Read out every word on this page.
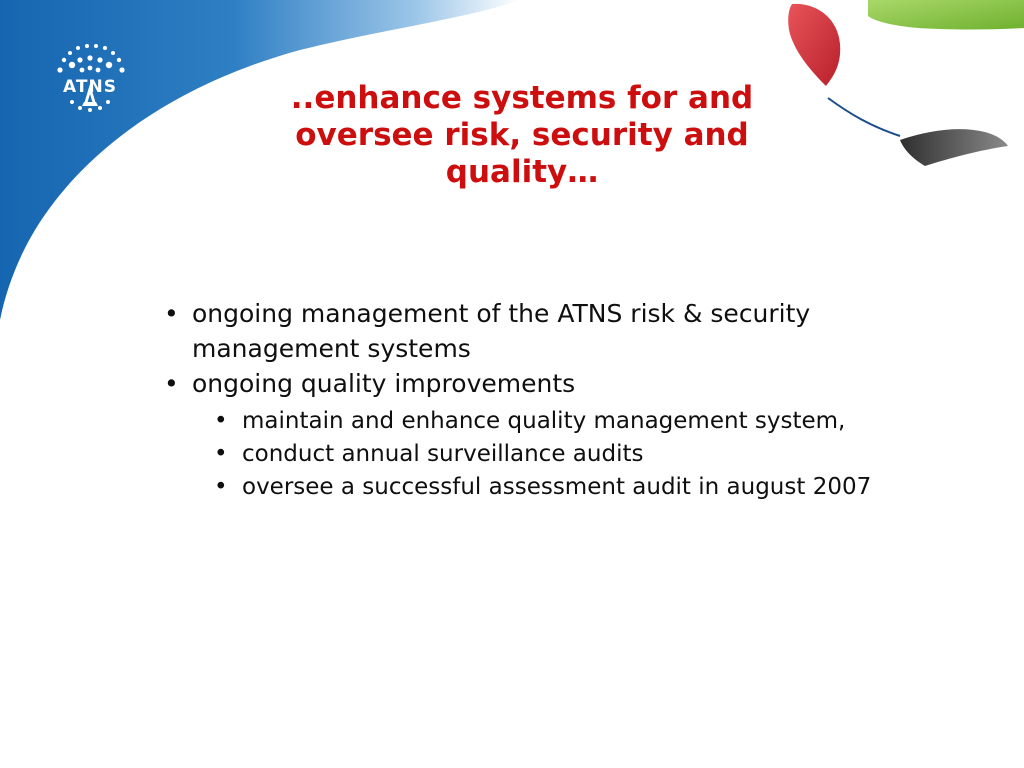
ATNS	..enhance systems for and oversee risk, security and quality…

• ongoing management of the ATNS risk & security management systems

• ongoing quality improvements

• maintain and enhance quality management system,

• conduct annual surveillance audits

• oversee a successful assessment audit in august 2007
